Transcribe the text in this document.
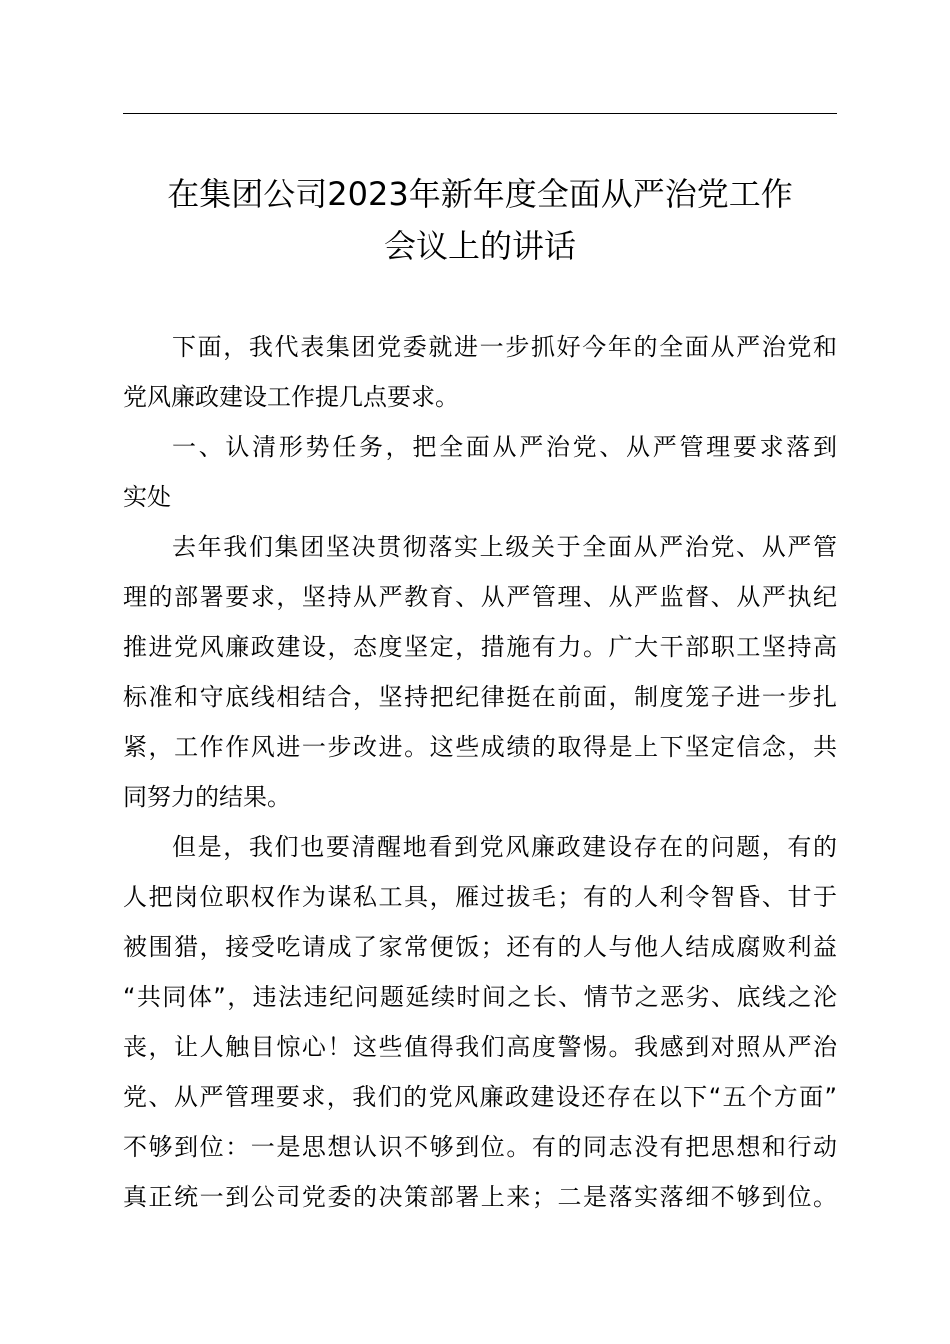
在集团公司2023年新年度全面从严治党工作
会议上的讲话
下面，我代表集团党委就进一步抓好今年的全面从严治党和
党风廉政建设工作提几点要求。
一、认清形势任务，把全面从严治党、从严管理要求落到
实处
去年我们集团坚决贯彻落实上级关于全面从严治党、从严管
理的部署要求，坚持从严教育、从严管理、从严监督、从严执纪
推进党风廉政建设，态度坚定，措施有力。广大干部职工坚持高
标准和守底线相结合，坚持把纪律挺在前面，制度笼子进一步扎
紧，工作作风进一步改进。这些成绩的取得是上下坚定信念，共
同努力的结果。
但是，我们也要清醒地看到党风廉政建设存在的问题，有的
人把岗位职权作为谋私工具，雁过拔毛；有的人利令智昏、甘于
被围猎，接受吃请成了家常便饭；还有的人与他人结成腐败利益
“共同体”，违法违纪问题延续时间之长、情节之恶劣、底线之沦
丧，让人触目惊心！这些值得我们高度警惕。我感到对照从严治
党、从严管理要求，我们的党风廉政建设还存在以下“五个方面”
不够到位：一是思想认识不够到位。有的同志没有把思想和行动
真正统一到公司党委的决策部署上来；二是落实落细不够到位。
